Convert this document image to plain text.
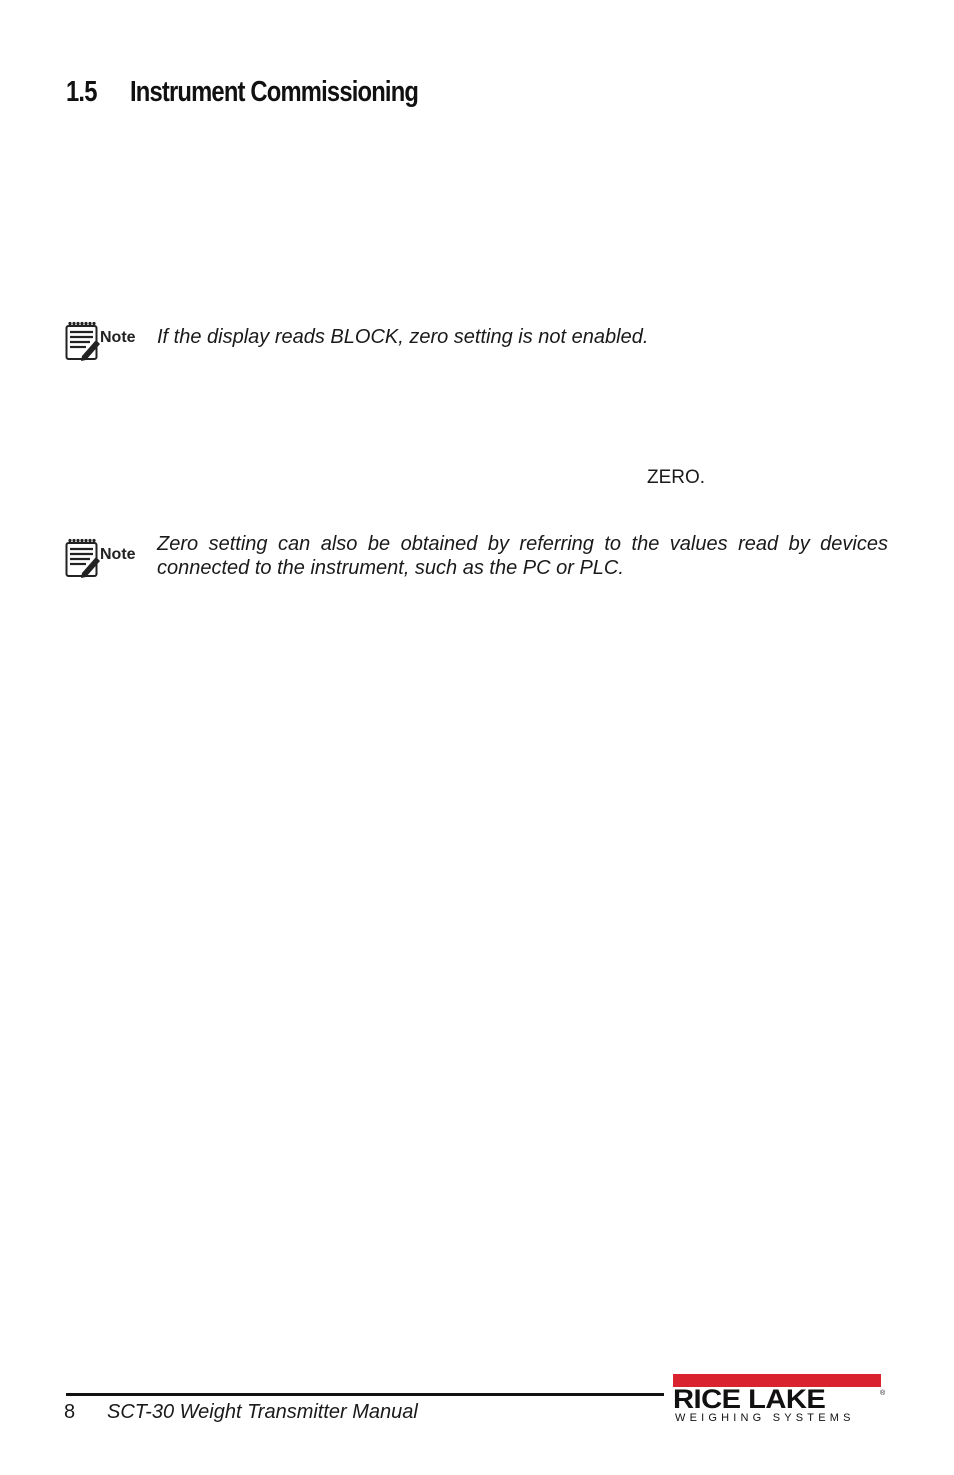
1.5 Instrument Commissioning
Note If the display reads BLOCK, zero setting is not enabled.
ZERO.
Note Zero setting can also be obtained by referring to the values read by devices connected to the instrument, such as the PC or PLC.
8 SCT-30 Weight Transmitter Manual	RICE LAKE	®
WEIGHING SYSTEMS
